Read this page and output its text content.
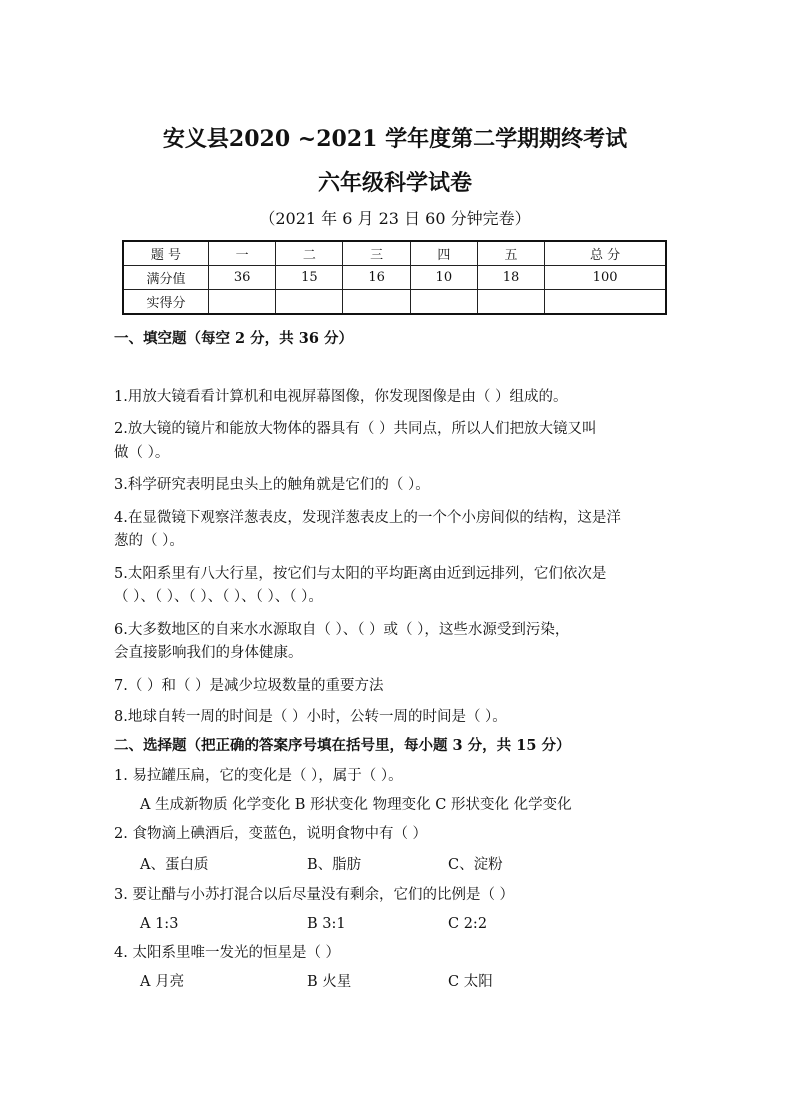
安义县2020 ~2021 学年度第二学期期终考试
六年级科学试卷
（2021 年 6 月 23 日 60 分钟完卷）
题 号	一	二	三	四	五	总 分
满分值	36	15	16	10	18	100
实得分						
一、填空题（每空 2 分，共 36 分）
1.用放大镜看看计算机和电视屏幕图像，你发现图像是由（ ）组成的。
2.放大镜的镜片和能放大物体的器具有（ ）共同点，所以人们把放大镜又叫
做（ ）。
3.科学研究表明昆虫头上的触角就是它们的（ ）。
4.在显微镜下观察洋葱表皮，发现洋葱表皮上的一个个小房间似的结构，这是洋
葱的（ ）。
5.太阳系里有八大行星，按它们与太阳的平均距离由近到远排列，它们依次是
（ ）、（ ）、（ ）、（ ）、（ ）、（ ）。
6.大多数地区的自来水水源取自（ ）、（ ）或（ ），这些水源受到污染，
会直接影响我们的身体健康。
7.（ ）和（ ）是减少垃圾数量的重要方法
8.地球自转一周的时间是（ ）小时，公转一周的时间是（ ）。
二、选择题（把正确的答案序号填在括号里，每小题 3 分，共 15 分）
1. 易拉罐压扁，它的变化是（ ），属于（ ）。
A 生成新物质 化学变化 B 形状变化 物理变化 C 形状变化 化学变化
2. 食物滴上碘酒后，变蓝色，说明食物中有（ ）
A、蛋白质	B、脂肪	C、淀粉
3. 要让醋与小苏打混合以后尽量没有剩余，它们的比例是（ ）
A 1:3	B 3:1	C 2:2
4. 太阳系里唯一发光的恒星是（ ）
A 月亮	B 火星	C 太阳
